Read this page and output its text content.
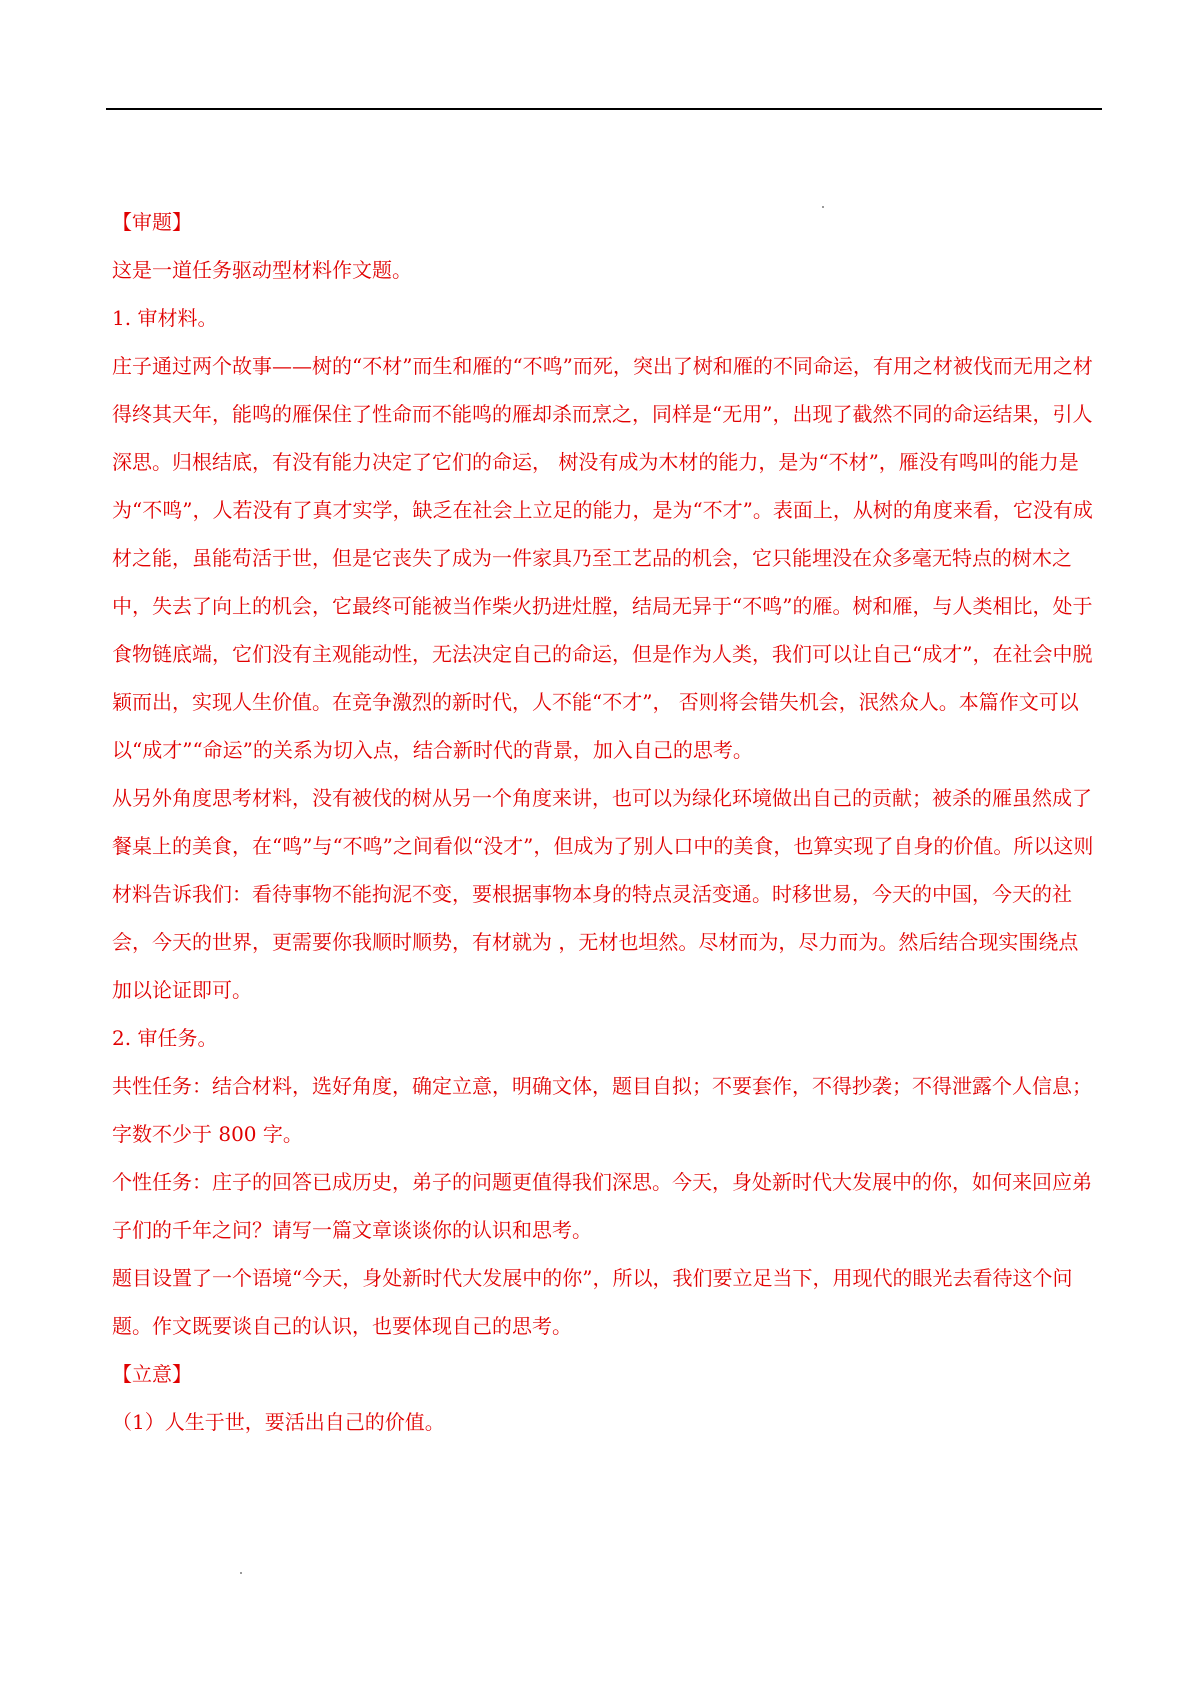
【审题】

这是一道任务驱动型材料作文题。

1. 审材料。

庄子通过两个故事——树的“不材”而生和雁的“不鸣”而死，突出了树和雁的不同命运，有用之材被伐而无用之材得终其天年，能鸣的雁保住了性命而不能鸣的雁却杀而烹之，同样是“无用”，出现了截然不同的命运结果，引人深思。归根结底，有没有能力决定了它们的命运， 树没有成为木材的能力，是为“不材”，雁没有鸣叫的能力是为“不鸣”，人若没有了真才实学，缺乏在社会上立足的能力，是为“不才”。表面上，从树的角度来看，它没有成材之能，虽能苟活于世，但是它丧失了成为一件家具乃至工艺品的机会，它只能埋没在众多毫无特点的树木之中，失去了向上的机会，它最终可能被当作柴火扔进灶膛，结局无异于“不鸣”的雁。树和雁，与人类相比，处于食物链底端，它们没有主观能动性，无法决定自己的命运，但是作为人类，我们可以让自己“成才”，在社会中脱颖而出，实现人生价值。在竞争激烈的新时代，人不能“不才”， 否则将会错失机会，泯然众人。本篇作文可以以“成才”“命运”的关系为切入点，结合新时代的背景，加入自己的思考。

从另外角度思考材料，没有被伐的树从另一个角度来讲，也可以为绿化环境做出自己的贡献；被杀的雁虽然成了餐桌上的美食，在“鸣”与“不鸣”之间看似“没才”，但成为了别人口中的美食，也算实现了自身的价值。所以这则材料告诉我们：看待事物不能拘泥不变，要根据事物本身的特点灵活变通。时移世易，今天的中国，今天的社会，今天的世界，更需要你我顺时顺势，有材就为 ，无材也坦然。尽材而为，尽力而为。然后结合现实围绕点加以论证即可。

2. 审任务。

共性任务：结合材料，选好角度，确定立意，明确文体，题目自拟；不要套作，不得抄袭；不得泄露个人信息；字数不少于 800 字。

个性任务：庄子的回答已成历史，弟子的问题更值得我们深思。今天，身处新时代大发展中的你，如何来回应弟子们的千年之问？请写一篇文章谈谈你的认识和思考。

题目设置了一个语境“今天，身处新时代大发展中的你”，所以，我们要立足当下，用现代的眼光去看待这个问题。作文既要谈自己的认识，也要体现自己的思考。

【立意】

（1）人生于世，要活出自己的价值。
